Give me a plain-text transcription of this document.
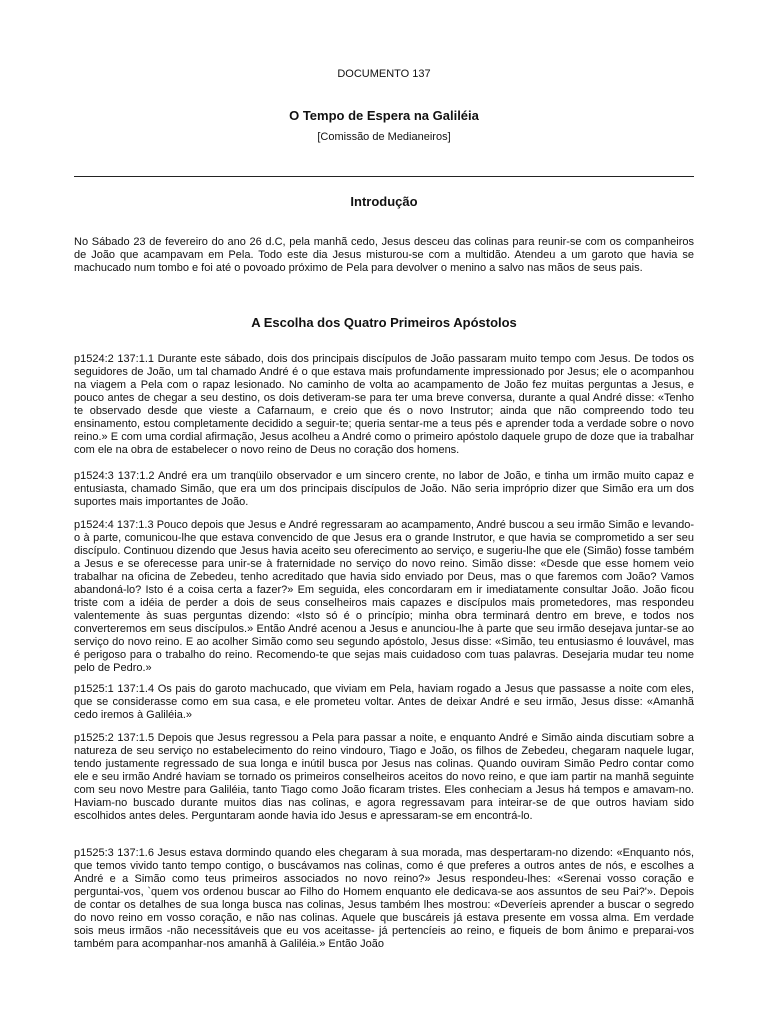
DOCUMENTO 137
O Tempo de Espera na Galiléia
[Comissão de Medianeiros]
Introdução

No Sábado 23 de fevereiro do ano 26 d.C, pela manhã cedo, Jesus desceu das colinas para reunir-se com os companheiros de João que acampavam em Pela. Todo este dia Jesus misturou-se com a multidão. Atendeu a um garoto que havia se machucado num tombo e foi até o povoado próximo de Pela para devolver o menino a salvo nas mãos de seus pais.

A Escolha dos Quatro Primeiros Apóstolos

p1524:2 137:1.1 Durante este sábado, dois dos principais discípulos de João passaram muito tempo com Jesus. De todos os seguidores de João, um tal chamado André é o que estava mais profundamente impressionado por Jesus; ele o acompanhou na viagem a Pela com o rapaz lesionado. No caminho de volta ao acampamento de João fez muitas perguntas a Jesus, e pouco antes de chegar a seu destino, os dois detiveram-se para ter uma breve conversa, durante a qual André disse: «Tenho te observado desde que vieste a Cafarnaum, e creio que és o novo Instrutor; ainda que não compreendo todo teu ensinamento, estou completamente decidido a seguir-te; queria sentar-me a teus pés e aprender toda a verdade sobre o novo reino.» E com uma cordial afirmação, Jesus acolheu a André como o primeiro apóstolo daquele grupo de doze que ia trabalhar com ele na obra de estabelecer o novo reino de Deus no coração dos homens.

p1524:3 137:1.2 André era um tranqüilo observador e um sincero crente, no labor de João, e tinha um irmão muito capaz e entusiasta, chamado Simão, que era um dos principais discípulos de João. Não seria impróprio dizer que Simão era um dos suportes mais importantes de João.

p1524:4 137:1.3 Pouco depois que Jesus e André regressaram ao acampamento, André buscou a seu irmão Simão e levando-o à parte, comunicou-lhe que estava convencido de que Jesus era o grande Instrutor, e que havia se comprometido a ser seu discípulo. Continuou dizendo que Jesus havia aceito seu oferecimento ao serviço, e sugeriu-lhe que ele (Simão) fosse também a Jesus e se oferecesse para unir-se à fraternidade no serviço do novo reino. Simão disse: «Desde que esse homem veio trabalhar na oficina de Zebedeu, tenho acreditado que havia sido enviado por Deus, mas o que faremos com João? Vamos abandoná-lo? Isto é a coisa certa a fazer?» Em seguida, eles concordaram em ir imediatamente consultar João. João ficou triste com a idéia de perder a dois de seus conselheiros mais capazes e discípulos mais prometedores, mas respondeu valentemente às suas perguntas dizendo: «Isto só é o princípio; minha obra terminará dentro em breve, e todos nos converteremos em seus discípulos.» Então André acenou a Jesus e anunciou-lhe à parte que seu irmão desejava juntar-se ao serviço do novo reino. E ao acolher Simão como seu segundo apóstolo, Jesus disse: «Simão, teu entusiasmo é louvável, mas é perigoso para o trabalho do reino. Recomendo-te que sejas mais cuidadoso com tuas palavras. Desejaria mudar teu nome pelo de Pedro.»

p1525:1 137:1.4 Os pais do garoto machucado, que viviam em Pela, haviam rogado a Jesus que passasse a noite com eles, que se considerasse como em sua casa, e ele prometeu voltar. Antes de deixar André e seu irmão, Jesus disse: «Amanhã cedo iremos à Galiléia.»

p1525:2 137:1.5 Depois que Jesus regressou a Pela para passar a noite, e enquanto André e Simão ainda discutiam sobre a natureza de seu serviço no estabelecimento do reino vindouro, Tiago e João, os filhos de Zebedeu, chegaram naquele lugar, tendo justamente regressado de sua longa e inútil busca por Jesus nas colinas. Quando ouviram Simão Pedro contar como ele e seu irmão André haviam se tornado os primeiros conselheiros aceitos do novo reino, e que iam partir na manhã seguinte com seu novo Mestre para Galiléia, tanto Tiago como João ficaram tristes. Eles conheciam a Jesus há tempos e amavam-no. Haviam-no buscado durante muitos dias nas colinas, e agora regressavam para inteirar-se de que outros haviam sido escolhidos antes deles. Perguntaram aonde havia ido Jesus e apressaram-se em encontrá-lo.

p1525:3 137:1.6 Jesus estava dormindo quando eles chegaram à sua morada, mas despertaram-no dizendo: «Enquanto nós, que temos vivido tanto tempo contigo, o buscávamos nas colinas, como é que preferes a outros antes de nós, e escolhes a André e a Simão como teus primeiros associados no novo reino?» Jesus respondeu-lhes: «Serenai vosso coração e perguntai-vos, `quem vos ordenou buscar ao Filho do Homem enquanto ele dedicava-se aos assuntos de seu Pai?'». Depois de contar os detalhes de sua longa busca nas colinas, Jesus também lhes mostrou: «Deveríeis aprender a buscar o segredo do novo reino em vosso coração, e não nas colinas. Aquele que buscáreis já estava presente em vossa alma. Em verdade sois meus irmãos -não necessitáveis que eu vos aceitasse- já pertencíeis ao reino, e fiqueis de bom ânimo e preparai-vos também para acompanhar-nos amanhã à Galiléia.» Então João
